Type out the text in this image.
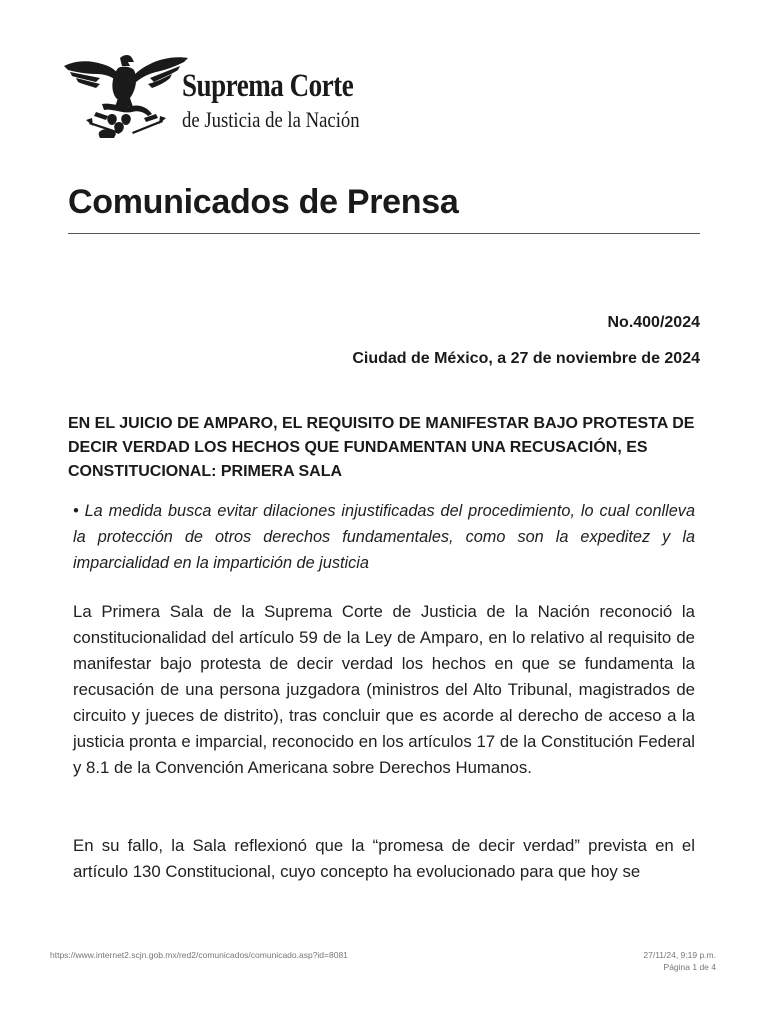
Suprema Corte
de Justicia de la Nación
Comunicados de Prensa
No.400/2024
Ciudad de México, a 27 de noviembre de 2024
EN EL JUICIO DE AMPARO, EL REQUISITO DE MANIFESTAR BAJO PROTESTA DE DECIR VERDAD LOS HECHOS QUE FUNDAMENTAN UNA RECUSACIÓN, ES CONSTITUCIONAL: PRIMERA SALA

• La medida busca evitar dilaciones injustificadas del procedimiento, lo cual conlleva la protección de otros derechos fundamentales, como son la expeditez y la imparcialidad en la impartición de justicia

La Primera Sala de la Suprema Corte de Justicia de la Nación reconoció la constitucionalidad del artículo 59 de la Ley de Amparo, en lo relativo al requisito de manifestar bajo protesta de decir verdad los hechos en que se fundamenta la recusación de una persona juzgadora (ministros del Alto Tribunal, magistrados de circuito y jueces de distrito), tras concluir que es acorde al derecho de acceso a la justicia pronta e imparcial, reconocido en los artículos 17 de la Constitución Federal y 8.1 de la Convención Americana sobre Derechos Humanos.

En su fallo, la Sala reflexionó que la “promesa de decir verdad” prevista en el artículo 130 Constitucional, cuyo concepto ha evolucionado para que hoy se

https://www.internet2.scjn.gob.mx/red2/comunicados/comunicado.asp?id=8081	27/11/24, 9:19 p.m.
Página 1 de 4
